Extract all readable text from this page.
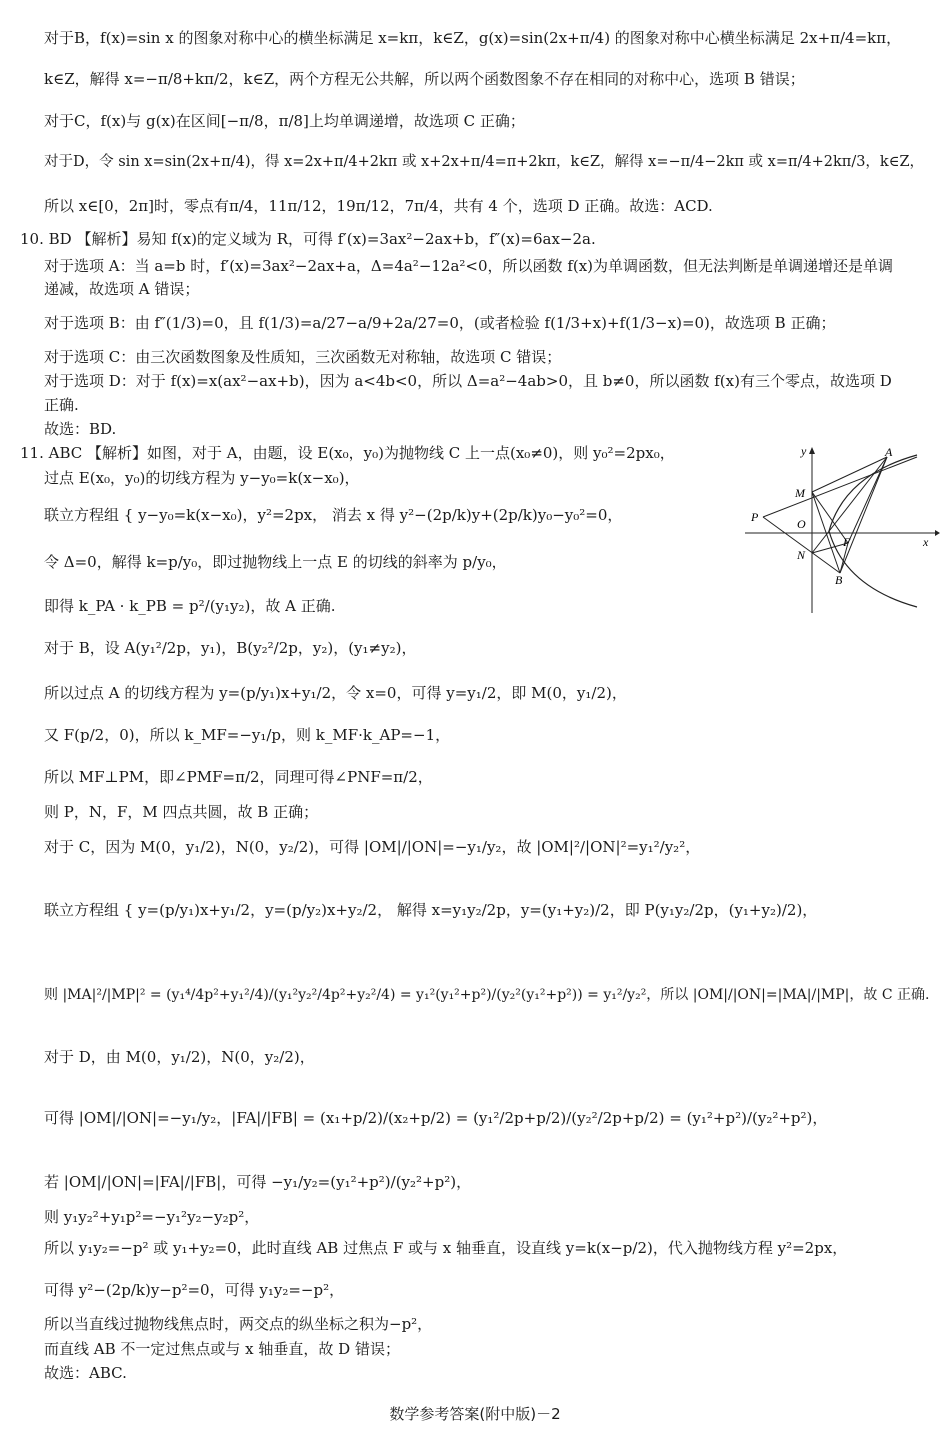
对于B，f(x)=sin x 的图象对称中心的横坐标满足 x=kπ，k∈Z，g(x)=sin(2x+π/4) 的图象对称中心横坐标满足 2x+π/4=kπ，
k∈Z，解得 x=−π/8+kπ/2，k∈Z，两个方程无公共解，所以两个函数图象不存在相同的对称中心，选项 B 错误；
对于C，f(x)与 g(x)在区间[−π/8，π/8]上均单调递增，故选项 C 正确；
对于D，令 sin x=sin(2x+π/4)，得 x=2x+π/4+2kπ 或 x+2x+π/4=π+2kπ，k∈Z，解得 x=−π/4−2kπ 或 x=π/4+2kπ/3，k∈Z，
所以 x∈[0，2π]时，零点有π/4，11π/12，19π/12，7π/4，共有 4 个，选项 D 正确。故选：ACD.
10. BD 【解析】易知 f(x)的定义域为 R，可得 f′(x)=3ax²−2ax+b，f″(x)=6ax−2a.
对于选项 A：当 a=b 时，f′(x)=3ax²−2ax+a，Δ=4a²−12a²<0，所以函数 f(x)为单调函数，但无法判断是单调递增还是单调
递减，故选项 A 错误；
对于选项 B：由 f″(1/3)=0，且 f(1/3)=a/27−a/9+2a/27=0，(或者检验 f(1/3+x)+f(1/3−x)=0)，故选项 B 正确；
对于选项 C：由三次函数图象及性质知，三次函数无对称轴，故选项 C 错误；
对于选项 D：对于 f(x)=x(ax²−ax+b)，因为 a<4b<0，所以 Δ=a²−4ab>0，且 b≠0，所以函数 f(x)有三个零点，故选项 D
正确.
故选：BD.
11. ABC 【解析】如图，对于 A，由题，设 E(x₀，y₀)为抛物线 C 上一点(x₀≠0)，则 y₀²=2px₀，
过点 E(x₀，y₀)的切线方程为 y−y₀=k(x−x₀)，
联立方程组 { y−y₀=k(x−x₀)，y²=2px， 消去 x 得 y²−(2p/k)y+(2p/k)y₀−y₀²=0，
令 Δ=0，解得 k=p/y₀，即过抛物线上一点 E 的切线的斜率为 p/y₀，
即得 k_PA · k_PB = p²/(y₁y₂)，故 A 正确.
对于 B，设 A(y₁²/2p，y₁)，B(y₂²/2p，y₂)，(y₁≠y₂)，
所以过点 A 的切线方程为 y=(p/y₁)x+y₁/2，令 x=0，可得 y=y₁/2，即 M(0，y₁/2)，
又 F(p/2，0)，所以 k_MF=−y₁/p，则 k_MF·k_AP=−1，
所以 MF⊥PM，即∠PMF=π/2，同理可得∠PNF=π/2，
则 P，N，F，M 四点共圆，故 B 正确；
对于 C，因为 M(0，y₁/2)，N(0，y₂/2)，可得 |OM|/|ON|=−y₁/y₂，故 |OM|²/|ON|²=y₁²/y₂²，
联立方程组 { y=(p/y₁)x+y₁/2，y=(p/y₂)x+y₂/2， 解得 x=y₁y₂/2p，y=(y₁+y₂)/2，即 P(y₁y₂/2p，(y₁+y₂)/2)，
则 |MA|²/|MP|² = (y₁⁴/4p²+y₁²/4)/(y₁²y₂²/4p²+y₂²/4) = y₁²(y₁²+p²)/(y₂²(y₁²+p²)) = y₁²/y₂²，所以 |OM|/|ON|=|MA|/|MP|，故 C 正确.
对于 D，由 M(0，y₁/2)，N(0，y₂/2)，
可得 |OM|/|ON|=−y₁/y₂，|FA|/|FB| = (x₁+p/2)/(x₂+p/2) = (y₁²/2p+p/2)/(y₂²/2p+p/2) = (y₁²+p²)/(y₂²+p²)，
若 |OM|/|ON|=|FA|/|FB|，可得 −y₁/y₂=(y₁²+p²)/(y₂²+p²)，
则 y₁y₂²+y₁p²=−y₁²y₂−y₂p²，
所以 y₁y₂=−p² 或 y₁+y₂=0，此时直线 AB 过焦点 F 或与 x 轴垂直，设直线 y=k(x−p/2)，代入抛物线方程 y²=2px，
可得 y²−(2p/k)y−p²=0，可得 y₁y₂=−p²，
所以当直线过抛物线焦点时，两交点的纵坐标之积为−p²，
而直线 AB 不一定过焦点或与 x 轴垂直，故 D 错误；
故选：ABC.
y
x
A
M
P	O
N
F
B
数学参考答案(附中版)－2
